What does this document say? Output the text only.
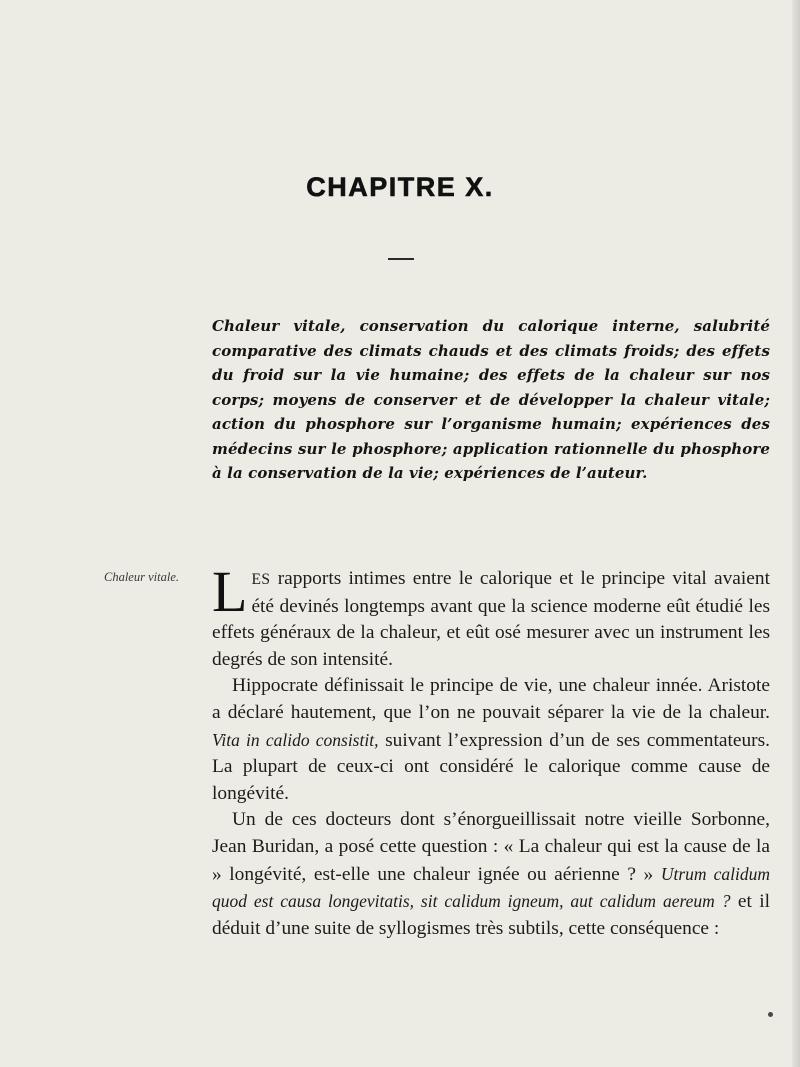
CHAPITRE X.
Chaleur vitale, conservation du calorique interne, salubrité comparative des climats chauds et des climats froids; des effets du froid sur la vie humaine; des effets de la chaleur sur nos corps; moyens de conserver et de développer la chaleur vitale; action du phosphore sur l’organisme humain; expériences des médecins sur le phosphore; application rationnelle du phosphore à la conservation de la vie; expériences de l’auteur.
Chaleur vitale. LES rapports intimes entre le calorique et le principe vital avaient été devinés longtemps avant que la science moderne eût étudié les effets généraux de la chaleur, et eût osé mesurer avec un instrument les degrés de son intensité.

Hippocrate définissait le principe de vie, une chaleur innée. Aristote a déclaré hautement, que l’on ne pouvait séparer la vie de la chaleur. Vita in calido consistit, suivant l’expression d’un de ses commentateurs. La plupart de ceux-ci ont considéré le calorique comme cause de longévité.

Un de ces docteurs dont s’énorgueillissait notre vieille Sorbonne, Jean Buridan, a posé cette question : « La chaleur qui est la cause de la » longévité, est-elle une chaleur ignée ou aérienne ? » Utrum calidum quod est causa longevitatis, sit calidum igneum, aut calidum aereum ? et il déduit d’une suite de syllogismes très subtils, cette conséquence :
